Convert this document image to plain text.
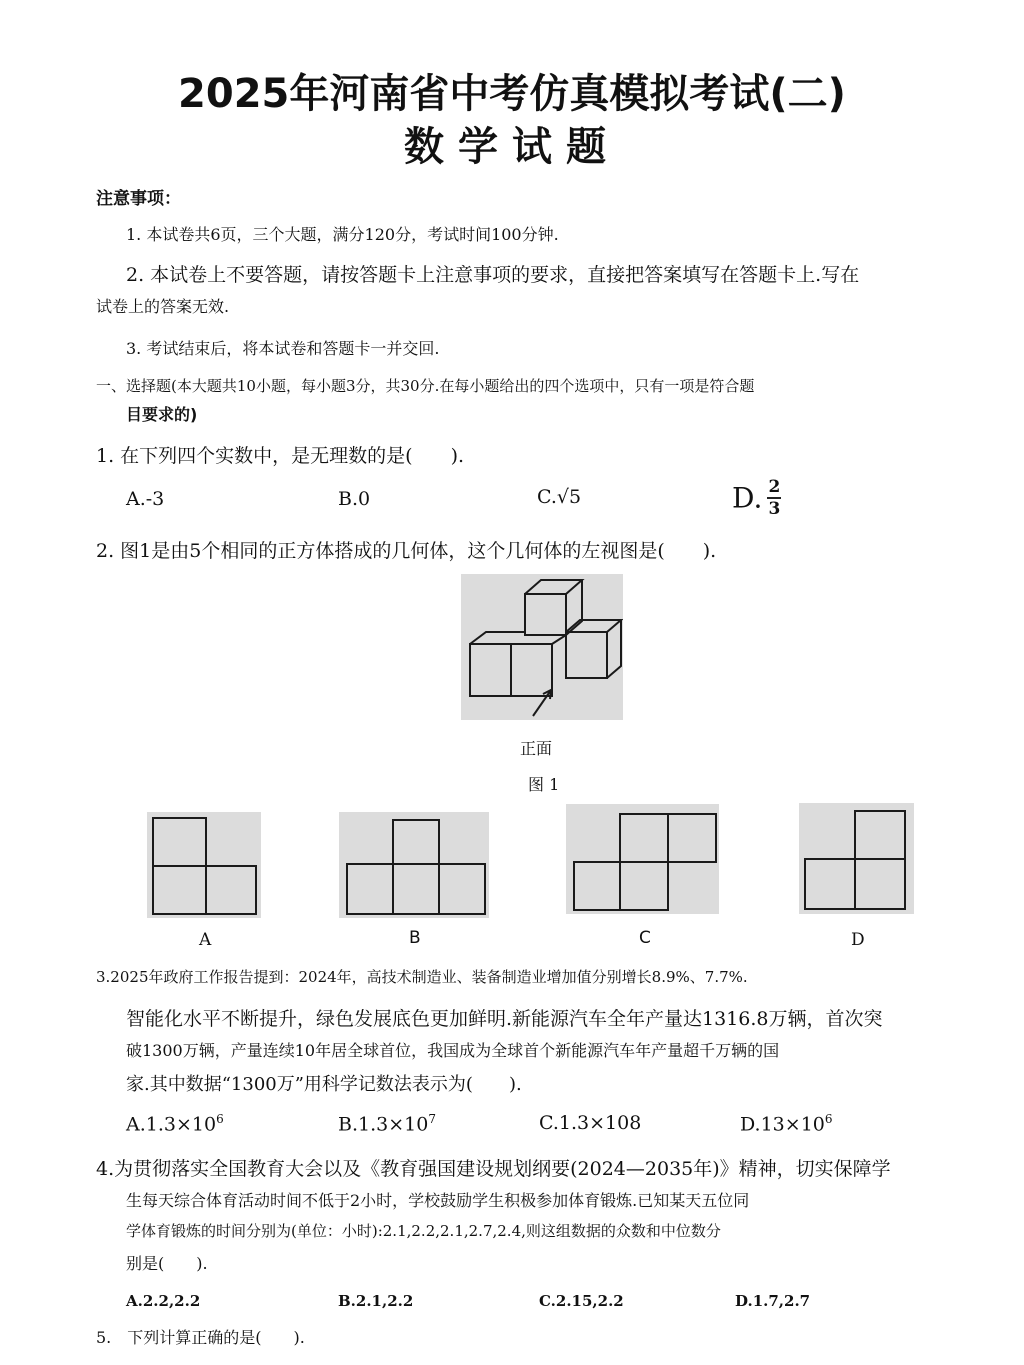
2025年河南省中考仿真模拟考试(二)
数学试题
注意事项：
1. 本试卷共6页，三个大题，满分120分，考试时间100分钟.
2. 本试卷上不要答题，请按答题卡上注意事项的要求，直接把答案填写在答题卡上.写在
试卷上的答案无效.
3. 考试结束后，将本试卷和答题卡一并交回.
一、选择题(本大题共10小题，每小题3分，共30分.在每小题给出的四个选项中，只有一项是符合题
目要求的)
1. 在下列四个实数中，是无理数的是(　　).
A.-3	B.0	C.√5	D. $\frac{2}{3}$
2. 图1是由5个相同的正方体搭成的几何体，这个几何体的左视图是(　　).
正面
图 1
A	B	C	D
3.2025年政府工作报告提到：2024年，高技术制造业、装备制造业增加值分别增长8.9%、7.7%.
智能化水平不断提升，绿色发展底色更加鲜明.新能源汽车全年产量达1316.8万辆，首次突
破1300万辆，产量连续10年居全球首位，我国成为全球首个新能源汽车年产量超千万辆的国
家.其中数据“1300万”用科学记数法表示为(　　).
$A.1.3\times 10^6$	$B.1.3\times 10^7$	C.1.3×108	$D.13\times 10^6$
4.为贯彻落实全国教育大会以及《教育强国建设规划纲要(2024—2035年)》精神，切实保障学
生每天综合体育活动时间不低于2小时，学校鼓励学生积极参加体育锻炼.已知某天五位同
学体育锻炼的时间分别为(单位：小时):2.1,2.2,2.1,2.7,2.4,则这组数据的众数和中位数分
别是(　　).
A.2.2,2.2	B.2.1,2.2	C.2.15,2.2	D.1.7,2.7
5.　下列计算正确的是(　　).
